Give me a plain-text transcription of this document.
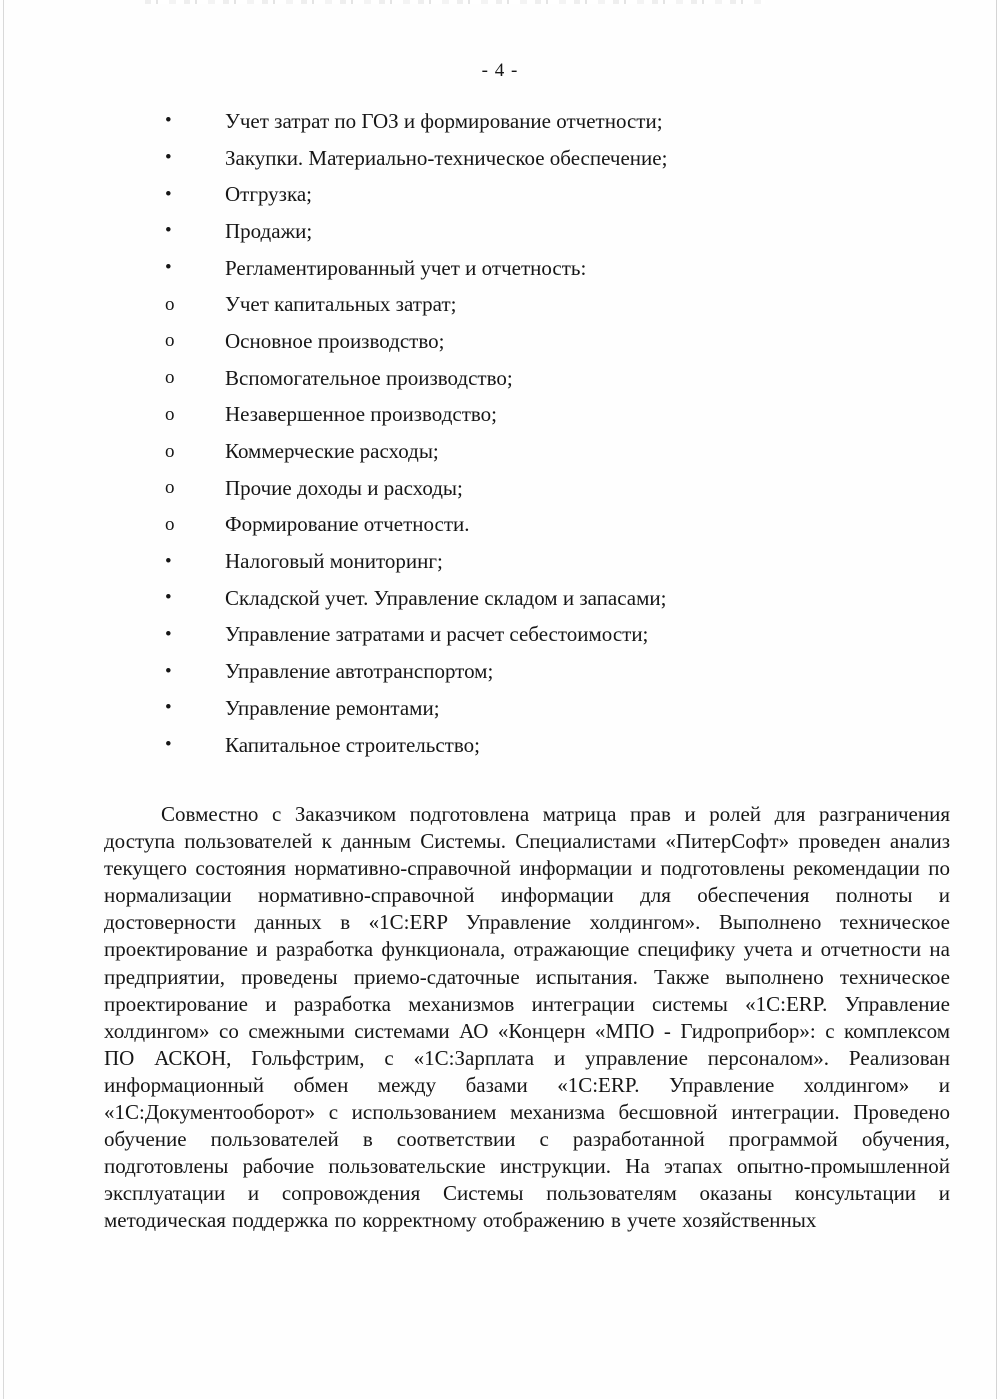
- 4 -
•	Учет затрат по ГОЗ и формирование отчетности;
•	Закупки. Материально-техническое обеспечение;
•	Отгрузка;
•	Продажи;
•	Регламентированный учет и отчетность:
o	Учет капитальных затрат;
o	Основное производство;
o	Вспомогательное производство;
o	Незавершенное производство;
o	Коммерческие расходы;
o	Прочие доходы и расходы;
o	Формирование отчетности.
•	Налоговый мониторинг;
•	Складской учет. Управление складом и запасами;
•	Управление затратами и расчет себестоимости;
•	Управление автотранспортом;
•	Управление ремонтами;
•	Капитальное строительство;

Совместно с Заказчиком подготовлена матрица прав и ролей для разграничения доступа пользователей к данным Системы. Специалистами «ПитерСофт» проведен анализ текущего состояния нормативно-справочной информации и подготовлены рекомендации по нормализации нормативно-справочной информации для обеспечения полноты и достоверности данных в «1С:ERP Управление холдингом». Выполнено техническое проектирование и разработка функционала, отражающие специфику учета и отчетности на предприятии, проведены приемо-сдаточные испытания. Также выполнено техническое проектирование и разработка механизмов интеграции системы «1С:ERP. Управление холдингом» со смежными системами АО «Концерн «МПО - Гидроприбор»: с комплексом ПО АСКОН, Гольфстрим, с «1С:Зарплата и управление персоналом». Реализован информационный обмен между базами «1С:ERP. Управление холдингом» и «1С:Документооборот» с использованием механизма бесшовной интеграции. Проведено обучение пользователей в соответствии с разработанной программой обучения, подготовлены рабочие пользовательские инструкции. На этапах опытно-промышленной эксплуатации и сопровождения Системы пользователям оказаны консультации и методическая поддержка по корректному отображению в учете хозяйственных
